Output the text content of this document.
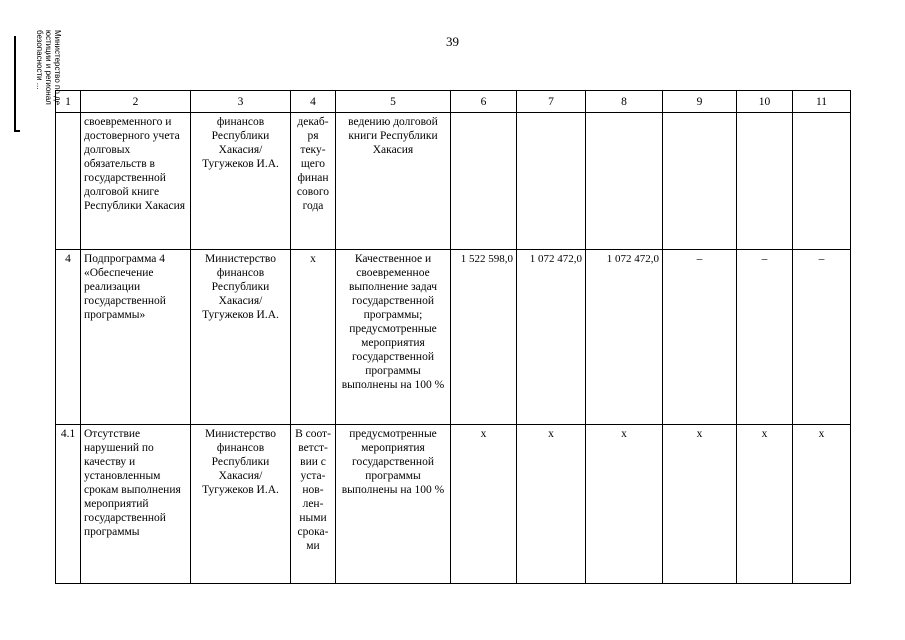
39
Министерство по де
юстиции и регионал
безопасности ...
1	2	3	4	5	6	7	8	9	10	11
	своевременного и достоверного учета долговых обязательств в государственной долговой книге Республики Хакасия	финансов Республики Хакасия/ Тугужеков И.А.	декаб-ря теку-щего финан сового года	ведению долговой книги Республики Хакасия						
4	Подпрограмма 4 «Обеспечение реализации государственной программы»	Министерство финансов Республики Хакасия/ Тугужеков И.А.	х	Качественное и своевременное выполнение задач государственной программы; предусмотренные мероприятия государственной программы выполнены на 100 %	1 522 598,0	1 072 472,0	1 072 472,0	–	–	–
4.1	Отсутствие нарушений по качеству и установленным срокам выполнения мероприятий государственной программы	Министерство финансов Республики Хакасия/ Тугужеков И.А.	В соот-ветст-вии с уста-нов-лен-ными срока-ми	предусмотренные мероприятия государственной программы выполнены на 100 %	х	х	х	х	х	х
